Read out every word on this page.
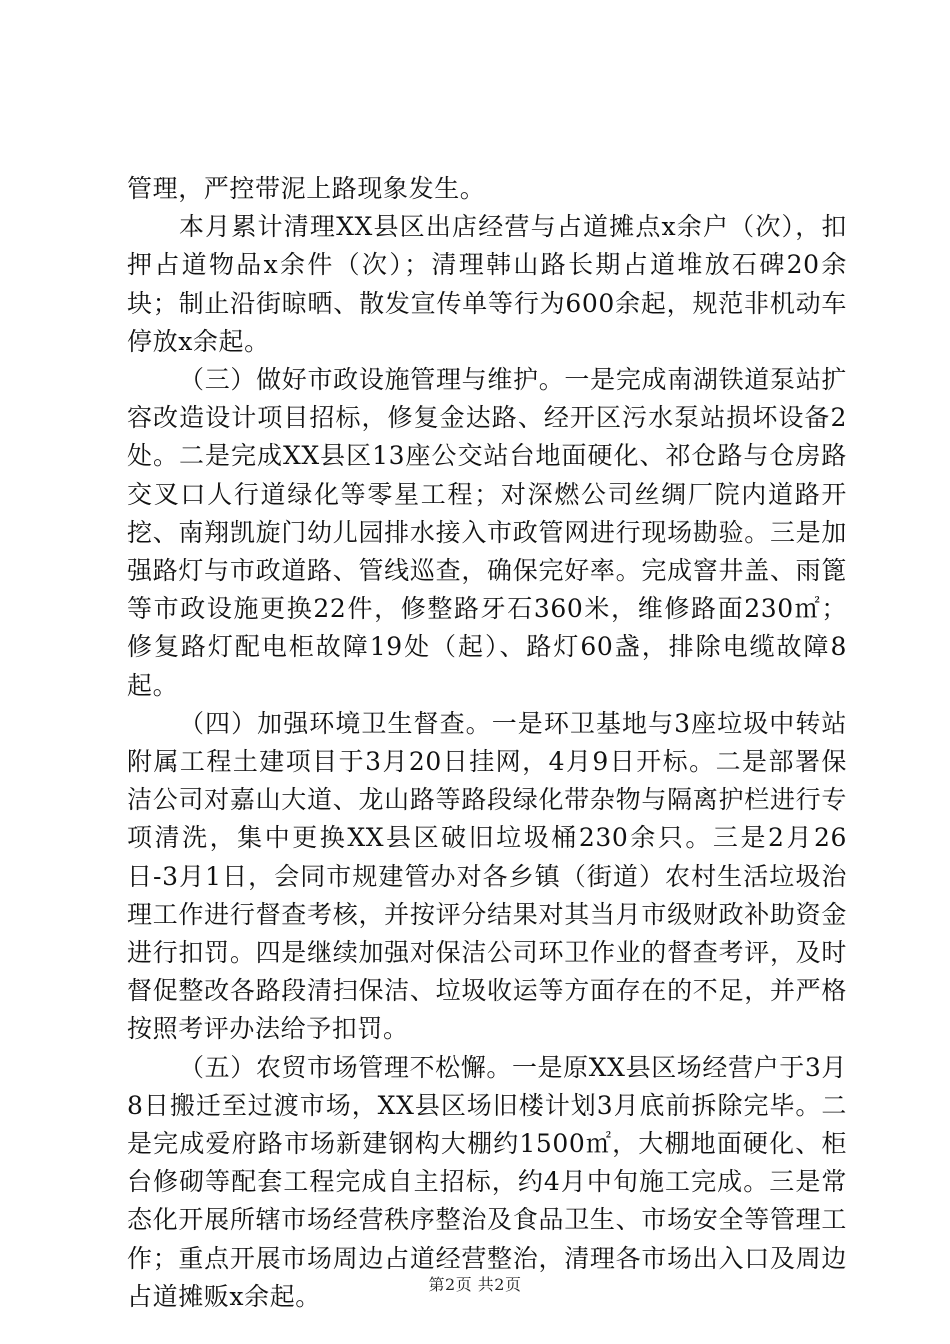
管理，严控带泥上路现象发生。

本月累计清理XX县区出店经营与占道摊点x余户（次），扣押占道物品x余件（次）；清理韩山路长期占道堆放石碑20余块；制止沿街晾晒、散发宣传单等行为600余起，规范非机动车停放x余起。

（三）做好市政设施管理与维护。一是完成南湖铁道泵站扩容改造设计项目招标，修复金达路、经开区污水泵站损坏设备2处。二是完成XX县区13座公交站台地面硬化、祁仓路与仓房路交叉口人行道绿化等零星工程；对深燃公司丝绸厂院内道路开挖、南翔凯旋门幼儿园排水接入市政管网进行现场勘验。三是加强路灯与市政道路、管线巡查，确保完好率。完成窨井盖、雨篦等市政设施更换22件，修整路牙石360米，维修路面230㎡；修复路灯配电柜故障19处（起）、路灯60盏，排除电缆故障8起。

（四）加强环境卫生督查。一是环卫基地与3座垃圾中转站附属工程土建项目于3月20日挂网，4月9日开标。二是部署保洁公司对嘉山大道、龙山路等路段绿化带杂物与隔离护栏进行专项清洗，集中更换XX县区破旧垃圾桶230余只。三是2月26日-3月1日，会同市规建管办对各乡镇（街道）农村生活垃圾治理工作进行督查考核，并按评分结果对其当月市级财政补助资金进行扣罚。四是继续加强对保洁公司环卫作业的督查考评，及时督促整改各路段清扫保洁、垃圾收运等方面存在的不足，并严格按照考评办法给予扣罚。

（五）农贸市场管理不松懈。一是原XX县区场经营户于3月8日搬迁至过渡市场，XX县区场旧楼计划3月底前拆除完毕。二是完成爱府路市场新建钢构大棚约1500㎡，大棚地面硬化、柜台修砌等配套工程完成自主招标，约4月中旬施工完成。三是常态化开展所辖市场经营秩序整治及食品卫生、市场安全等管理工作；重点开展市场周边占道经营整治，清理各市场出入口及周边占道摊贩x余起。	第2页 共2页
